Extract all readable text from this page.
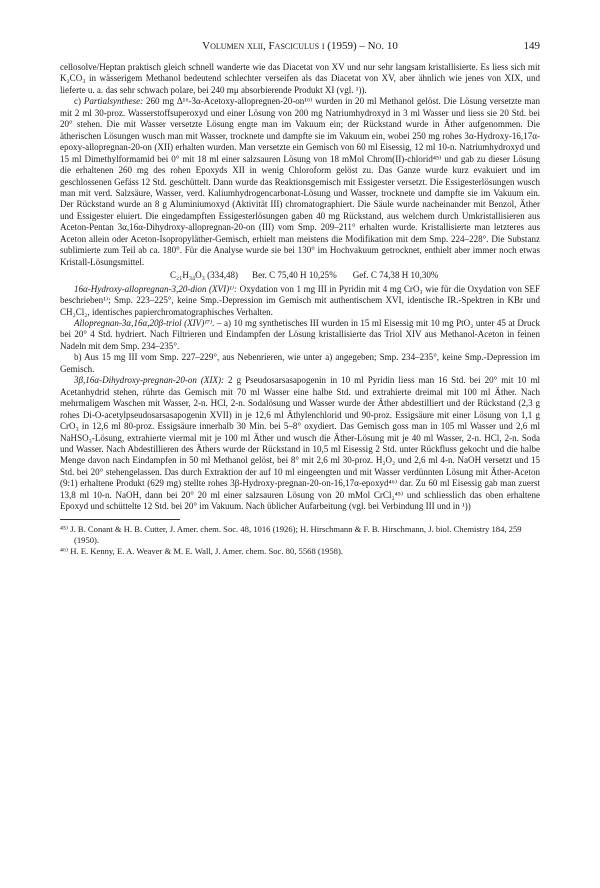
Volumen xlii, Fasciculus i (1959) – No. 10	149

cellosolve/Heptan praktisch gleich schnell wanderte wie das Diacetat von XV und nur sehr langsam kristallisierte. Es liess sich mit K₂CO₃ in wässerigem Methanol bedeutend schlechter verseifen als das Diacetat von XV, aber ähnlich wie jenes von XIX, und lieferte u. a. das sehr schwach polare, bei 240 mμ absorbierende Produkt XI (vgl. ¹)).

c) Partialsynthese: 260 mg Δ¹⁶-3α-Acetoxy-allopregnen-20-on¹⁶⁾ wurden in 20 ml Methanol gelöst. Die Lösung versetzte man mit 2 ml 30-proz. Wasserstoffsuperoxyd und einer Lösung von 200 mg Natriumhydroxyd in 3 ml Wasser und liess sie 20 Std. bei 20° stehen. Die mit Wasser versetzte Lösung engte man im Vakuum ein; der Rückstand wurde in Äther aufgenommen. Die ätherischen Lösungen wusch man mit Wasser, trocknete und dampfte sie im Vakuum ein, wobei 250 mg rohes 3α-Hydroxy-16,17α-epoxy-allopregnan-20-on (XII) erhalten wurden. Man versetzte ein Gemisch von 60 ml Eisessig, 12 ml 10-n. Natriumhydroxyd und 15 ml Dimethylformamid bei 0° mit 18 ml einer salzsauren Lösung von 18 mMol Chrom(II)-chlorid⁴⁵⁾ und gab zu dieser Lösung die erhaltenen 260 mg des rohen Epoxyds XII in wenig Chloroform gelöst zu. Das Ganze wurde kurz evakuiert und im geschlossenen Gefäss 12 Std. geschüttelt. Dann wurde das Reaktionsgemisch mit Essigester versetzt. Die Essigesterlösungen wusch man mit verd. Salzsäure, Wasser, verd. Kaliumhydrogencarbonat-Lösung und Wasser, trocknete und dampfte sie im Vakuum ein. Der Rückstand wurde an 8 g Aluminiumoxyd (Aktivität III) chromatographiert. Die Säule wurde nacheinander mit Benzol, Äther und Essigester eluiert. Die eingedampften Essigesterlösungen gaben 40 mg Rückstand, aus welchem durch Umkristallisieren aus Aceton-Pentan 3α,16α-Dihydroxy-allopregnan-20-on (III) vom Smp. 209–211° erhalten wurde. Kristallisierte man letzteres aus Aceton allein oder Aceton-Isopropyläther-Gemisch, erhielt man meistens die Modifikation mit dem Smp. 224–228°. Die Substanz sublimierte zum Teil ab ca. 180°. Für die Analyse wurde sie bei 130° im Hochvakuum getrocknet, enthielt aber immer noch etwas Kristall-Lösungsmittel.

C₂₁H₃₄O₃ (334,48) Ber. C 75,40 H 10,25% Gef. C 74,38 H 10,30%

16α-Hydroxy-allopregnan-3,20-dion (XVI)¹⁾: Oxydation von 1 mg III in Pyridin mit 4 mg CrO₃ wie für die Oxydation von SEF beschrieben¹⁾; Smp. 223–225°, keine Smp.-Depression im Gemisch mit authentischem XVI, identische IR.-Spektren in KBr und CH₂Cl₂, identisches papierchromatographisches Verhalten.

Allopregnan-3α,16α,20β-triol (XIV)¹⁷⁾. – a) 10 mg synthetisches III wurden in 15 ml Eisessig mit 10 mg PtO₂ unter 45 at Druck bei 20° 4 Std. hydriert. Nach Filtrieren und Eindampfen der Lösung kristallisierte das Triol XIV aus Methanol-Aceton in feinen Nadeln mit dem Smp. 234–235°.

b) Aus 15 mg III vom Smp. 227–229°, aus Nebenrieren, wie unter a) angegeben; Smp. 234–235°, keine Smp.-Depression im Gemisch.

3β,16α-Dihydroxy-pregnan-20-on (XIX): 2 g Pseudosarsasapogenin in 10 ml Pyridin liess man 16 Std. bei 20° mit 10 ml Acetanhydrid stehen, rührte das Gemisch mit 70 ml Wasser eine halbe Std. und extrahierte dreimal mit 100 ml Äther. Nach mehrmaligem Waschen mit Wasser, 2-n. HCl, 2-n. Sodalösung und Wasser wurde der Äther abdestilliert und der Rückstand (2,3 g rohes Di-O-acetylpseudosarsasapogenin XVII) in je 12,6 ml Äthylenchlorid und 90-proz. Essigsäure mit einer Lösung von 1,1 g CrO₃ in 12,6 ml 80-proz. Essigsäure innerhalb 30 Min. bei 5–8° oxydiert. Das Gemisch goss man in 105 ml Wasser und 2,6 ml NaHSO₃-Lösung, extrahierte viermal mit je 100 ml Äther und wusch die Äther-Lösung mit je 40 ml Wasser, 2-n. HCl, 2-n. Soda und Wasser. Nach Abdestillieren des Äthers wurde der Rückstand in 10,5 ml Eisessig 2 Std. unter Rückfluss gekocht und die halbe Menge davon nach Eindampfen in 50 ml Methanol gelöst, bei 8° mit 2,6 ml 30-proz. H₂O₂ und 2,6 ml 4-n. NaOH versetzt und 15 Std. bei 20° stehengelassen. Das durch Extraktion der auf 10 ml eingeengten und mit Wasser verdünnten Lösung mit Äther-Aceton (9:1) erhaltene Produkt (629 mg) stellte rohes 3β-Hydroxy-pregnan-20-on-16,17α-epoxyd⁴⁶⁾ dar. Zu 60 ml Eisessig gab man zuerst 13,8 ml 10-n. NaOH, dann bei 20° 20 ml einer salzsauren Lösung von 20 mMol CrCl₂⁴⁵⁾ und schliesslich das oben erhaltene Epoxyd und schüttelte 12 Std. bei 20° im Vakuum. Nach üblicher Aufarbeitung (vgl. bei Verbindung III und in ¹))

⁴⁵⁾ J. B. Conant & H. B. Cutter, J. Amer. chem. Soc. 48, 1016 (1926); H. Hirschmann & F. B. Hirschmann, J. biol. Chemistry 184, 259 (1950).

⁴⁶⁾ H. E. Kenny, E. A. Weaver & M. E. Wall, J. Amer. chem. Soc. 80, 5568 (1958).
